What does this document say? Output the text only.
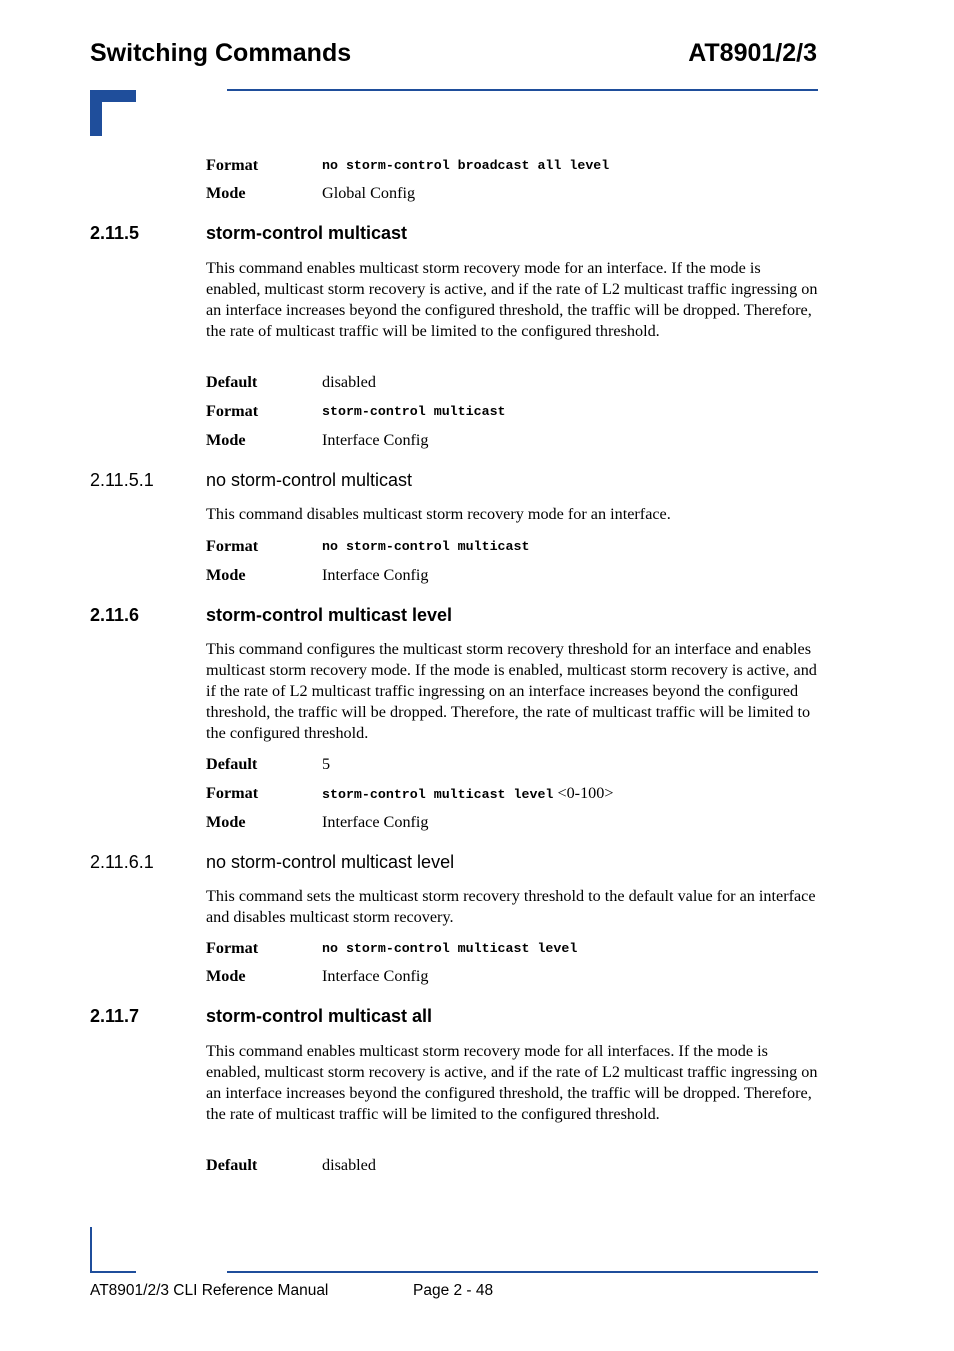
Switching Commands	AT8901/2/3
Format	no storm-control broadcast all level
Mode	Global Config
2.11.5	storm-control multicast
This command enables multicast storm recovery mode for an interface. If the mode is enabled, multicast storm recovery is active, and if the rate of L2 multicast traffic ingressing on an interface increases beyond the configured threshold, the traffic will be dropped. Therefore, the rate of multicast traffic will be limited to the configured threshold.
Default	disabled
Format	storm-control multicast
Mode	Interface Config
2.11.5.1	no storm-control multicast
This command disables multicast storm recovery mode for an interface.
Format	no storm-control multicast
Mode	Interface Config
2.11.6	storm-control multicast level
This command configures the multicast storm recovery threshold for an interface and enables multicast storm recovery mode. If the mode is enabled, multicast storm recovery is active, and if the rate of L2 multicast traffic ingressing on an interface increases beyond the configured threshold, the traffic will be dropped. Therefore, the rate of multicast traffic will be limited to the configured threshold.
Default	5
Format	storm-control multicast level <0-100>
Mode	Interface Config
2.11.6.1	no storm-control multicast level
This command sets the multicast storm recovery threshold to the default value for an interface and disables multicast storm recovery.
Format	no storm-control multicast level
Mode	Interface Config
2.11.7	storm-control multicast all
This command enables multicast storm recovery mode for all interfaces. If the mode is enabled, multicast storm recovery is active, and if the rate of L2 multicast traffic ingressing on an interface increases beyond the configured threshold, the traffic will be dropped. Therefore, the rate of multicast traffic will be limited to the configured threshold.
Default	disabled
AT8901/2/3 CLI Reference Manual	Page 2 - 48
